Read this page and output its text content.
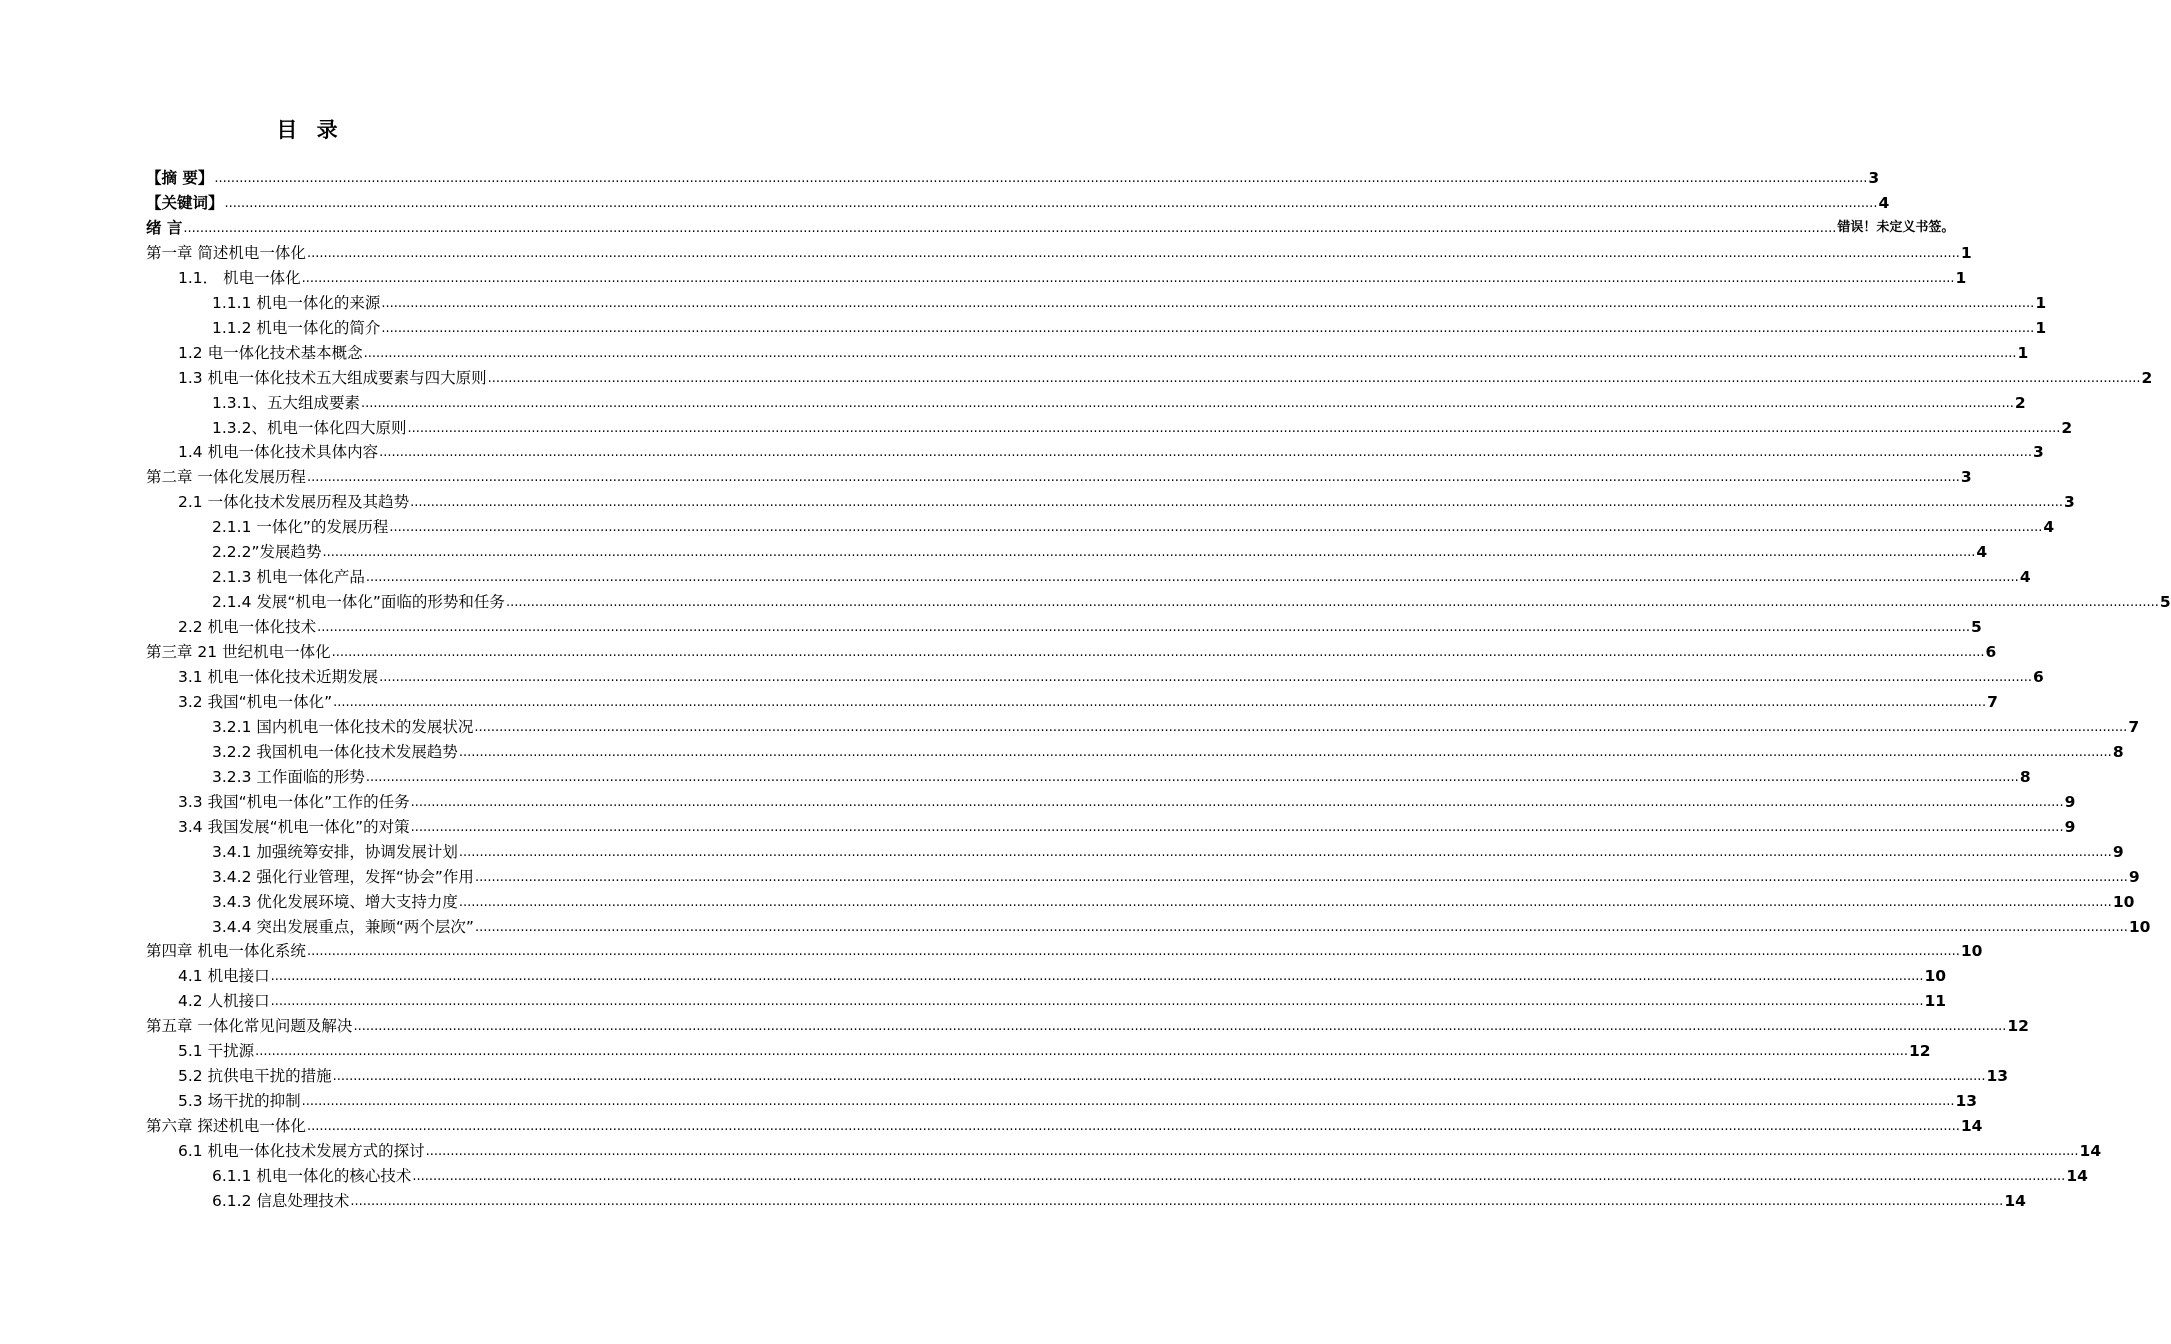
目 录
【摘 要】 ................................................................................................................................................................................................................................................................................................................................................................................................................ 3
【关键词】 ................................................................................................................................................................................................................................................................................................................................................................................................................ 4
绪 言 ................................................................................................................................................................................................................................................................................................................................................................................................................ 错误！未定义书签。
第一章 简述机电一体化 ................................................................................................................................................................................................................................................................................................................................................................................................................ 1
1.1． 机电一体化 ................................................................................................................................................................................................................................................................................................................................................................................................................ 1
1.1.1 机电一体化的来源 ................................................................................................................................................................................................................................................................................................................................................................................................................ 1
1.1.2 机电一体化的简介 ................................................................................................................................................................................................................................................................................................................................................................................................................ 1
1.2 电一体化技术基本概念 ................................................................................................................................................................................................................................................................................................................................................................................................................ 1
1.3 机电一体化技术五大组成要素与四大原则 ................................................................................................................................................................................................................................................................................................................................................................................................................ 2
1.3.1、五大组成要素 ................................................................................................................................................................................................................................................................................................................................................................................................................ 2
1.3.2、机电一体化四大原则 ................................................................................................................................................................................................................................................................................................................................................................................................................ 2
1.4 机电一体化技术具体内容 ................................................................................................................................................................................................................................................................................................................................................................................................................ 3
第二章 一体化发展历程 ................................................................................................................................................................................................................................................................................................................................................................................................................ 3
2.1 一体化技术发展历程及其趋势 ................................................................................................................................................................................................................................................................................................................................................................................................................ 3
2.1.1 一体化”的发展历程 ................................................................................................................................................................................................................................................................................................................................................................................................................ 4
2.2.2”发展趋势 ................................................................................................................................................................................................................................................................................................................................................................................................................ 4
2.1.3 机电一体化产品 ................................................................................................................................................................................................................................................................................................................................................................................................................ 4
2.1.4 发展“机电一体化”面临的形势和任务 ................................................................................................................................................................................................................................................................................................................................................................................................................ 5
2.2 机电一体化技术 ................................................................................................................................................................................................................................................................................................................................................................................................................ 5
第三章 21 世纪机电一体化 ................................................................................................................................................................................................................................................................................................................................................................................................................ 6
3.1 机电一体化技术近期发展 ................................................................................................................................................................................................................................................................................................................................................................................................................ 6
3.2 我国“机电一体化” ................................................................................................................................................................................................................................................................................................................................................................................................................ 7
3.2.1 国内机电一体化技术的发展状况 ................................................................................................................................................................................................................................................................................................................................................................................................................ 7
3.2.2 我国机电一体化技术发展趋势 ................................................................................................................................................................................................................................................................................................................................................................................................................ 8
3.2.3 工作面临的形势 ................................................................................................................................................................................................................................................................................................................................................................................................................ 8
3.3 我国“机电一体化”工作的任务 ................................................................................................................................................................................................................................................................................................................................................................................................................ 9
3.4 我国发展“机电一体化”的对策 ................................................................................................................................................................................................................................................................................................................................................................................................................ 9
3.4.1 加强统筹安排，协调发展计划 ................................................................................................................................................................................................................................................................................................................................................................................................................ 9
3.4.2 强化行业管理，发挥“协会”作用 ................................................................................................................................................................................................................................................................................................................................................................................................................ 9
3.4.3 优化发展环境、增大支持力度 ................................................................................................................................................................................................................................................................................................................................................................................................................ 10
3.4.4 突出发展重点，兼顾“两个层次” ................................................................................................................................................................................................................................................................................................................................................................................................................ 10
第四章 机电一体化系统 ................................................................................................................................................................................................................................................................................................................................................................................................................ 10
4.1 机电接口 ................................................................................................................................................................................................................................................................................................................................................................................................................ 10
4.2 人机接口 ................................................................................................................................................................................................................................................................................................................................................................................................................ 11
第五章 一体化常见问题及解决 ................................................................................................................................................................................................................................................................................................................................................................................................................ 12
5.1 干扰源 ................................................................................................................................................................................................................................................................................................................................................................................................................ 12
5.2 抗供电干扰的措施 ................................................................................................................................................................................................................................................................................................................................................................................................................ 13
5.3 场干扰的抑制 ................................................................................................................................................................................................................................................................................................................................................................................................................ 13
第六章 探述机电一体化 ................................................................................................................................................................................................................................................................................................................................................................................................................ 14
6.1 机电一体化技术发展方式的探讨 ................................................................................................................................................................................................................................................................................................................................................................................................................ 14
6.1.1 机电一体化的核心技术 ................................................................................................................................................................................................................................................................................................................................................................................................................ 14
6.1.2 信息处理技术 ................................................................................................................................................................................................................................................................................................................................................................................................................ 14
